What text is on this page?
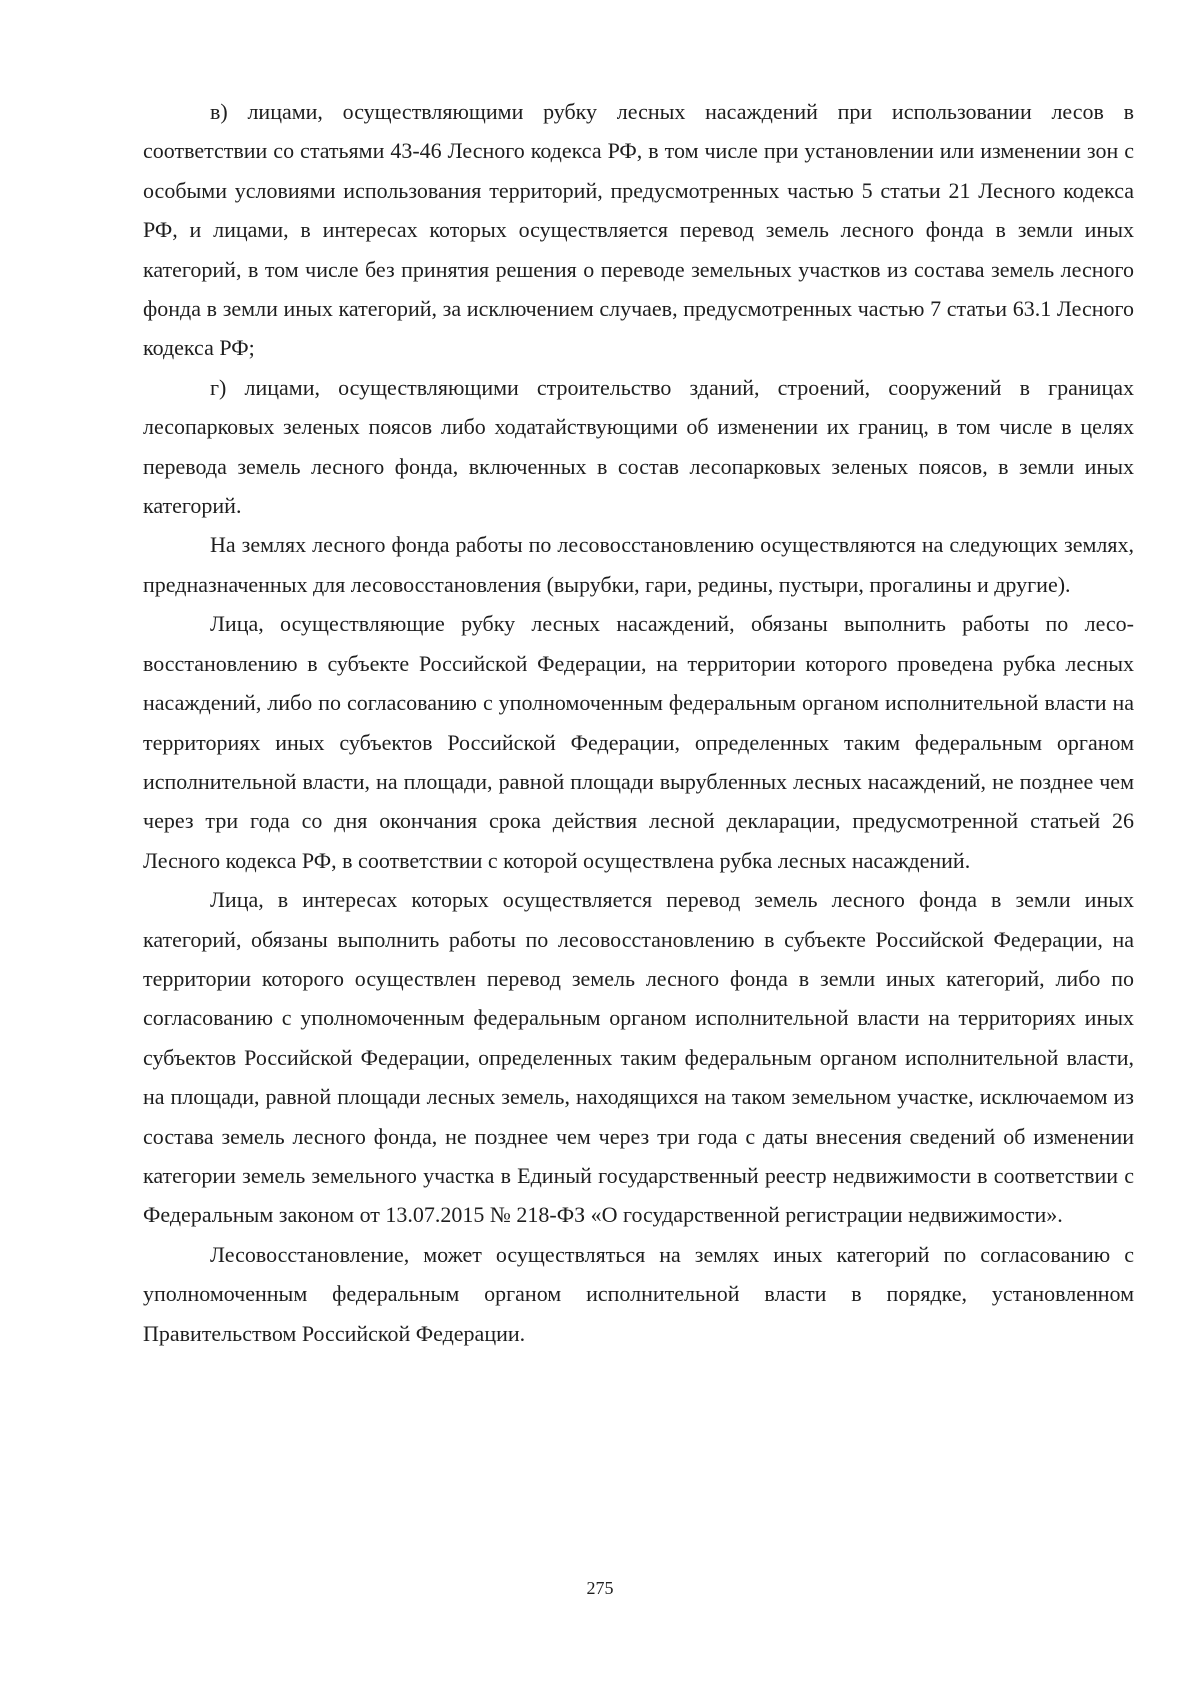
в) лицами, осуществляющими рубку лесных насаждений при использовании лесов в соответствии со статьями 43-46 Лесного кодекса РФ, в том числе при установлении или изменении зон с особыми условиями использования территорий, предусмотренных частью 5 статьи 21 Лесного кодекса РФ, и лицами, в интересах которых осуществляется перевод земель лесного фонда в земли иных категорий, в том числе без принятия решения о переводе земельных участков из состава земель лесного фонда в земли иных категорий, за исключением случаев, предусмотренных частью 7 статьи 63.1 Лесного кодекса РФ;

г) лицами, осуществляющими строительство зданий, строений, сооружений в границах лесопарковых зеленых поясов либо ходатайствующими об изменении их границ, в том числе в целях перевода земель лесного фонда, включенных в состав лесопарковых зеленых поясов, в земли иных категорий.

На землях лесного фонда работы по лесовосстановлению осуществляются на следующих землях, предназначенных для лесовосстановления (вырубки, гари, редины, пустыри, прогалины и другие).

Лица, осуществляющие рубку лесных насаждений, обязаны выполнить работы по лесовосстановлению в субъекте Российской Федерации, на территории которого проведена рубка лесных насаждений, либо по согласованию с уполномоченным федеральным органом исполнительной власти на территориях иных субъектов Российской Федерации, определенных таким федеральным органом исполнительной власти, на площади, равной площади вырубленных лесных насаждений, не позднее чем через три года со дня окончания срока действия лесной декларации, предусмотренной статьей 26 Лесного кодекса РФ, в соответствии с которой осуществлена рубка лесных насаждений.

Лица, в интересах которых осуществляется перевод земель лесного фонда в земли иных категорий, обязаны выполнить работы по лесовосстановлению в субъекте Российской Федерации, на территории которого осуществлен перевод земель лесного фонда в земли иных категорий, либо по согласованию с уполномоченным федеральным органом исполнительной власти на территориях иных субъектов Российской Федерации, определенных таким федеральным органом исполнительной власти, на площади, равной площади лесных земель, находящихся на таком земельном участке, исключаемом из состава земель лесного фонда, не позднее чем через три года с даты внесения сведений об изменении категории земель земельного участка в Единый государственный реестр недвижимости в соответствии с Федеральным законом от 13.07.2015 № 218-ФЗ «О государственной регистрации недвижимости».

Лесовосстановление, может осуществляться на землях иных категорий по согласованию с уполномоченным федеральным органом исполнительной власти в порядке, установленном Правительством Российской Федерации.

275
